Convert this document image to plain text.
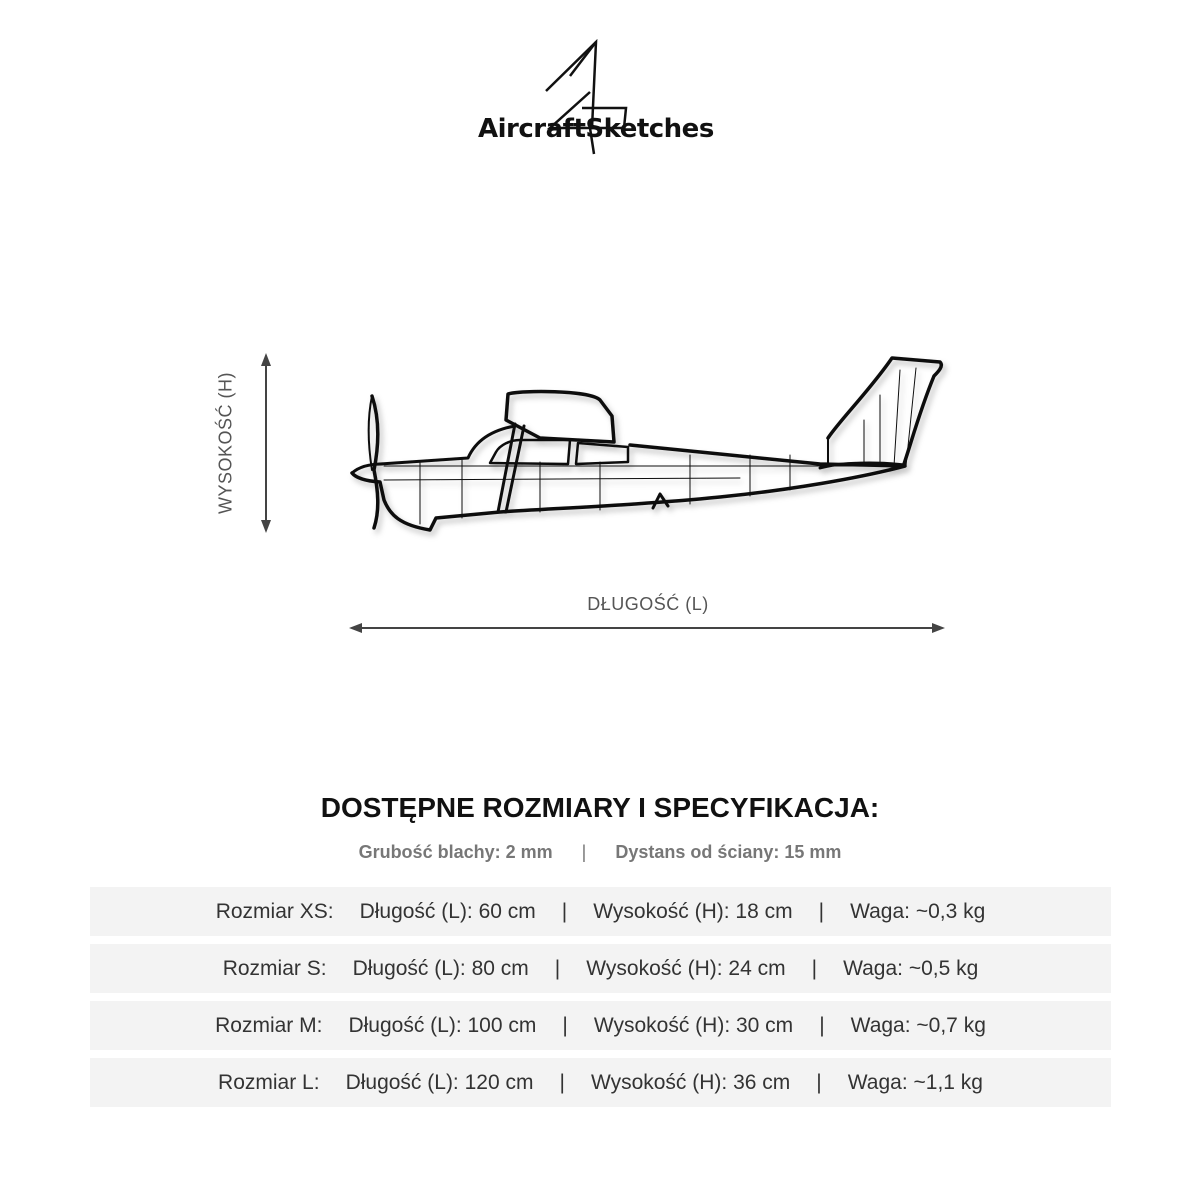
AircraftSketches
WYSOKOŚĆ (H)
DŁUGOŚĆ (L)
DOSTĘPNE ROZMIARY I SPECYFIKACJA:
Grubość blachy: 2 mm | Dystans od ściany: 15 mm
Rozmiar XS: Długość (L): 60 cm | Wysokość (H): 18 cm | Waga: ~0,3 kg
Rozmiar S: Długość (L): 80 cm | Wysokość (H): 24 cm | Waga: ~0,5 kg
Rozmiar M: Długość (L): 100 cm | Wysokość (H): 30 cm | Waga: ~0,7 kg
Rozmiar L: Długość (L): 120 cm | Wysokość (H): 36 cm | Waga: ~1,1 kg
